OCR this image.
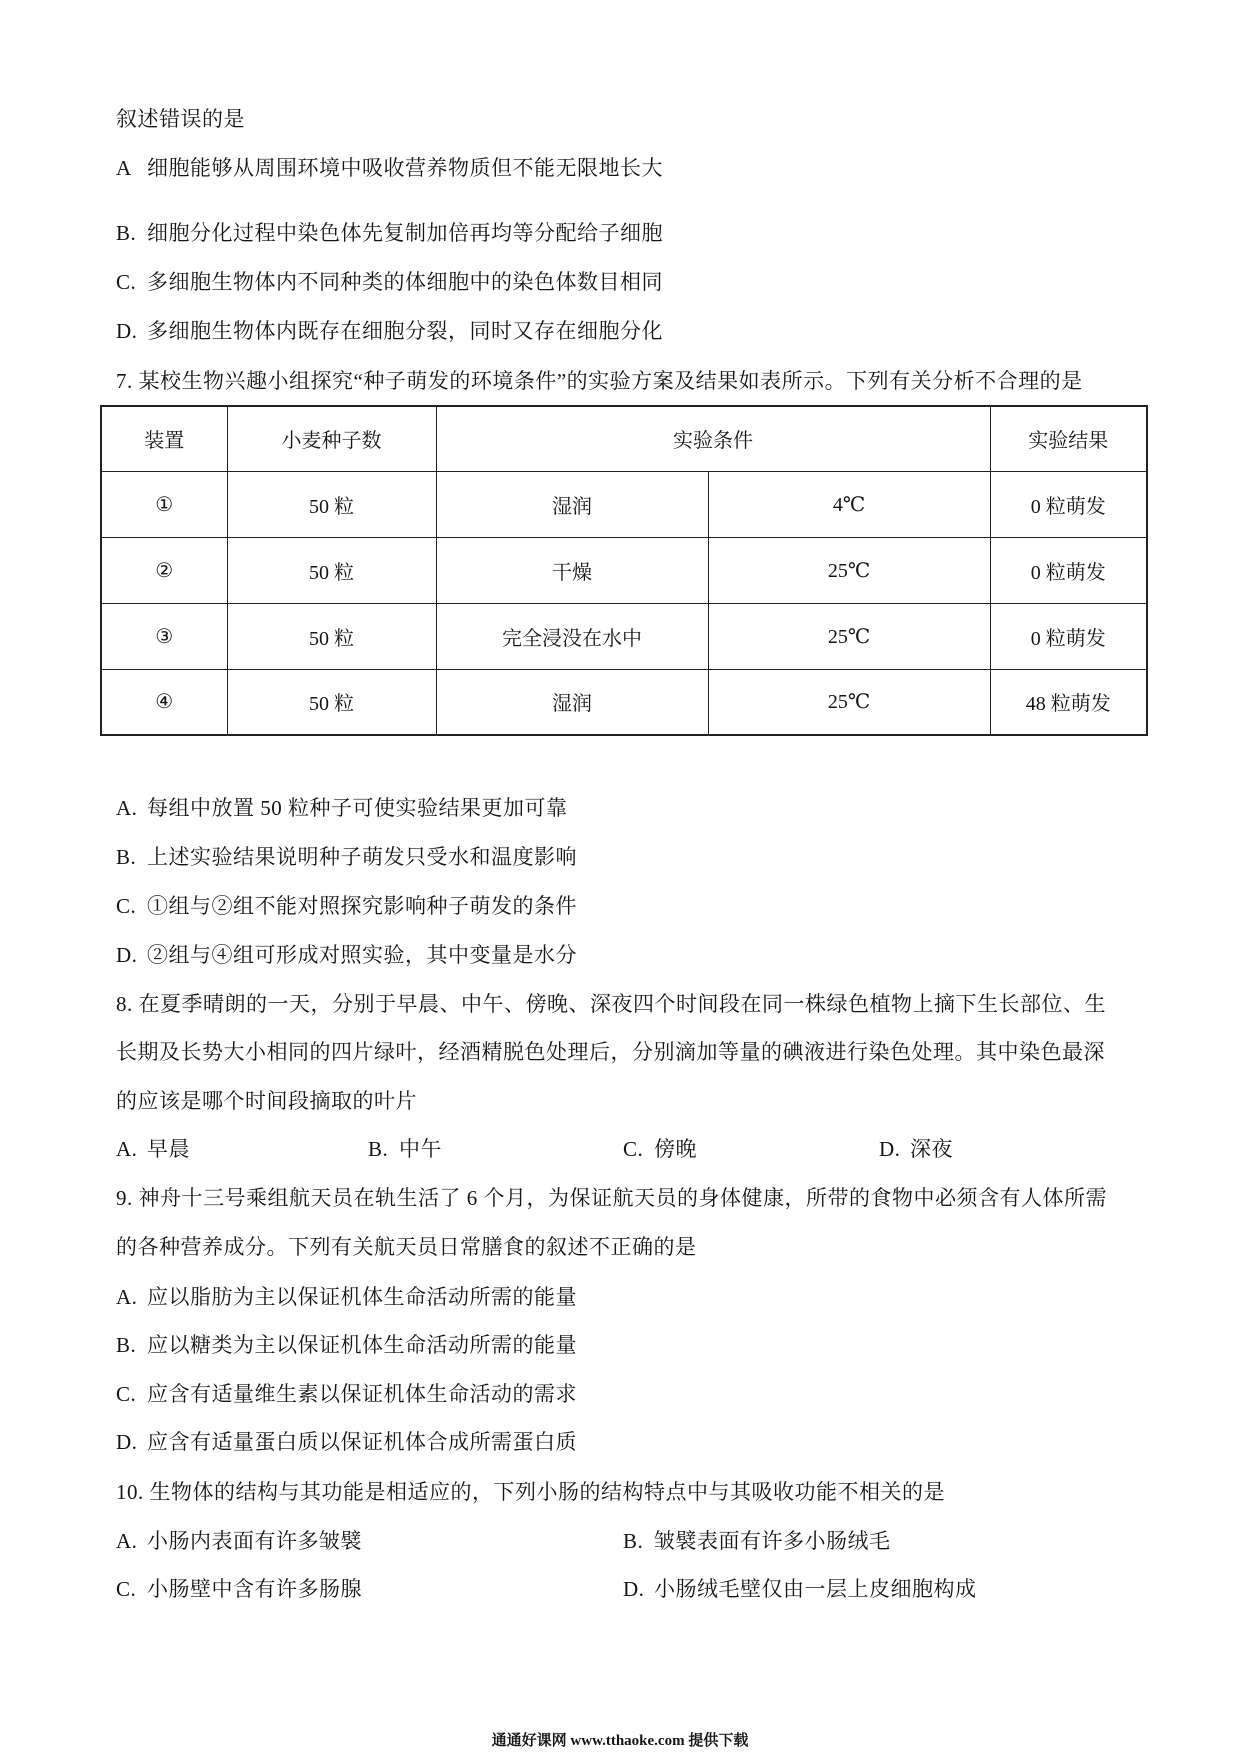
叙述错误的是
A 细胞能够从周围环境中吸收营养物质但不能无限地长大
B. 细胞分化过程中染色体先复制加倍再均等分配给子细胞
C. 多细胞生物体内不同种类的体细胞中的染色体数目相同
D. 多细胞生物体内既存在细胞分裂，同时又存在细胞分化
7. 某校生物兴趣小组探究“种子萌发的环境条件”的实验方案及结果如表所示。下列有关分析不合理的是
装置	小麦种子数	实验条件		实验结果
①	50 粒	湿润	4℃	0 粒萌发
②	50 粒	干燥	25℃	0 粒萌发
③	50 粒	完全浸没在水中	25℃	0 粒萌发
④	50 粒	湿润	25℃	48 粒萌发
A. 每组中放置 50 粒种子可使实验结果更加可靠
B. 上述实验结果说明种子萌发只受水和温度影响
C. ①组与②组不能对照探究影响种子萌发的条件
D. ②组与④组可形成对照实验，其中变量是水分
8. 在夏季晴朗的一天，分别于早晨、中午、傍晚、深夜四个时间段在同一株绿色植物上摘下生长部位、生
长期及长势大小相同的四片绿叶，经酒精脱色处理后，分别滴加等量的碘液进行染色处理。其中染色最深
的应该是哪个时间段摘取的叶片
A. 早晨	B. 中午	C. 傍晚	D. 深夜
9. 神舟十三号乘组航天员在轨生活了 6 个月，为保证航天员的身体健康，所带的食物中必须含有人体所需
的各种营养成分。下列有关航天员日常膳食的叙述不正确的是
A. 应以脂肪为主以保证机体生命活动所需的能量
B. 应以糖类为主以保证机体生命活动所需的能量
C. 应含有适量维生素以保证机体生命活动的需求
D. 应含有适量蛋白质以保证机体合成所需蛋白质
10. 生物体的结构与其功能是相适应的，下列小肠的结构特点中与其吸收功能不相关的是
A. 小肠内表面有许多皱襞	B. 皱襞表面有许多小肠绒毛
C. 小肠壁中含有许多肠腺	D. 小肠绒毛壁仅由一层上皮细胞构成
通通好课网 www.tthaoke.com 提供下载
